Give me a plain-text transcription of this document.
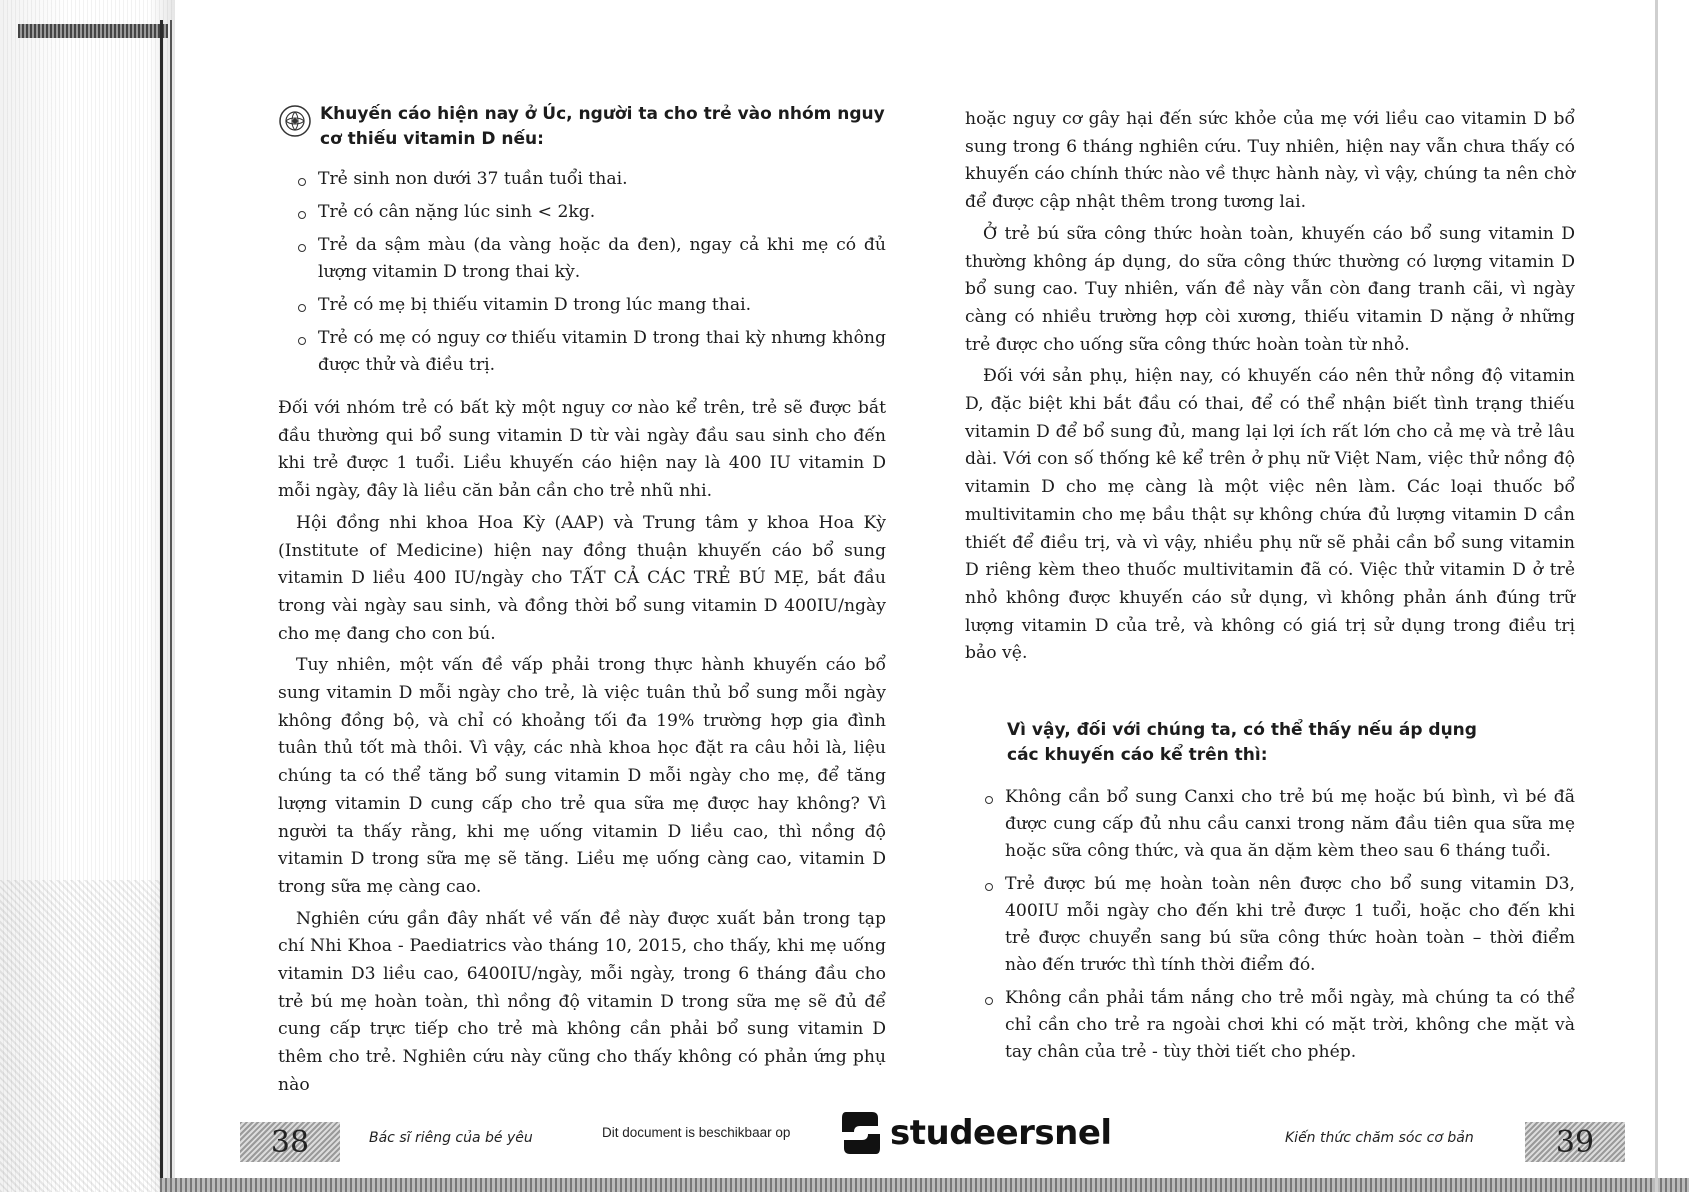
Khuyến cáo hiện nay ở Úc, người ta cho trẻ vào nhóm nguy cơ thiếu vitamin D nếu:

Trẻ sinh non dưới 37 tuần tuổi thai.
Trẻ có cân nặng lúc sinh < 2kg.
Trẻ da sậm màu (da vàng hoặc da đen), ngay cả khi mẹ có đủ lượng vitamin D trong thai kỳ.
Trẻ có mẹ bị thiếu vitamin D trong lúc mang thai.
Trẻ có mẹ có nguy cơ thiếu vitamin D trong thai kỳ nhưng không được thử và điều trị.

Đối với nhóm trẻ có bất kỳ một nguy cơ nào kể trên, trẻ sẽ được bắt đầu thường qui bổ sung vitamin D từ vài ngày đầu sau sinh cho đến khi trẻ được 1 tuổi. Liều khuyến cáo hiện nay là 400 IU vitamin D mỗi ngày, đây là liều căn bản cần cho trẻ nhũ nhi.

Hội đồng nhi khoa Hoa Kỳ (AAP) và Trung tâm y khoa Hoa Kỳ (Institute of Medicine) hiện nay đồng thuận khuyến cáo bổ sung vitamin D liều 400 IU/ngày cho TẤT CẢ CÁC TRẺ BÚ MẸ, bắt đầu trong vài ngày sau sinh, và đồng thời bổ sung vitamin D 400IU/ngày cho mẹ đang cho con bú.

Tuy nhiên, một vấn đề vấp phải trong thực hành khuyến cáo bổ sung vitamin D mỗi ngày cho trẻ, là việc tuân thủ bổ sung mỗi ngày không đồng bộ, và chỉ có khoảng tối đa 19% trường hợp gia đình tuân thủ tốt mà thôi. Vì vậy, các nhà khoa học đặt ra câu hỏi là, liệu chúng ta có thể tăng bổ sung vitamin D mỗi ngày cho mẹ, để tăng lượng vitamin D cung cấp cho trẻ qua sữa mẹ được hay không? Vì người ta thấy rằng, khi mẹ uống vitamin D liều cao, thì nồng độ vitamin D trong sữa mẹ sẽ tăng. Liều mẹ uống càng cao, vitamin D trong sữa mẹ càng cao.

Nghiên cứu gần đây nhất về vấn đề này được xuất bản trong tạp chí Nhi Khoa - Paediatrics vào tháng 10, 2015, cho thấy, khi mẹ uống vitamin D3 liều cao, 6400IU/ngày, mỗi ngày, trong 6 tháng đầu cho trẻ bú mẹ hoàn toàn, thì nồng độ vitamin D trong sữa mẹ sẽ đủ để cung cấp trực tiếp cho trẻ mà không cần phải bổ sung vitamin D thêm cho trẻ. Nghiên cứu này cũng cho thấy không có phản ứng phụ nào

hoặc nguy cơ gây hại đến sức khỏe của mẹ với liều cao vitamin D bổ sung trong 6 tháng nghiên cứu. Tuy nhiên, hiện nay vẫn chưa thấy có khuyến cáo chính thức nào về thực hành này, vì vậy, chúng ta nên chờ để được cập nhật thêm trong tương lai.

Ở trẻ bú sữa công thức hoàn toàn, khuyến cáo bổ sung vitamin D thường không áp dụng, do sữa công thức thường có lượng vitamin D bổ sung cao. Tuy nhiên, vấn đề này vẫn còn đang tranh cãi, vì ngày càng có nhiều trường hợp còi xương, thiếu vitamin D nặng ở những trẻ được cho uống sữa công thức hoàn toàn từ nhỏ.

Đối với sản phụ, hiện nay, có khuyến cáo nên thử nồng độ vitamin D, đặc biệt khi bắt đầu có thai, để có thể nhận biết tình trạng thiếu vitamin D để bổ sung đủ, mang lại lợi ích rất lớn cho cả mẹ và trẻ lâu dài. Với con số thống kê kể trên ở phụ nữ Việt Nam, việc thử nồng độ vitamin D cho mẹ càng là một việc nên làm. Các loại thuốc bổ multivitamin cho mẹ bầu thật sự không chứa đủ lượng vitamin D cần thiết để điều trị, và vì vậy, nhiều phụ nữ sẽ phải cần bổ sung vitamin D riêng kèm theo thuốc multivitamin đã có. Việc thử vitamin D ở trẻ nhỏ không được khuyến cáo sử dụng, vì không phản ánh đúng trữ lượng vitamin D của trẻ, và không có giá trị sử dụng trong điều trị bảo vệ.

Vì vậy, đối với chúng ta, có thể thấy nếu áp dụng các khuyến cáo kể trên thì:

Không cần bổ sung Canxi cho trẻ bú mẹ hoặc bú bình, vì bé đã được cung cấp đủ nhu cầu canxi trong năm đầu tiên qua sữa mẹ hoặc sữa công thức, và qua ăn dặm kèm theo sau 6 tháng tuổi.
Trẻ được bú mẹ hoàn toàn nên được cho bổ sung vitamin D3, 400IU mỗi ngày cho đến khi trẻ được 1 tuổi, hoặc cho đến khi trẻ được chuyển sang bú sữa công thức hoàn toàn – thời điểm nào đến trước thì tính thời điểm đó.
Không cần phải tắm nắng cho trẻ mỗi ngày, mà chúng ta có thể chỉ cần cho trẻ ra ngoài chơi khi có mặt trời, không che mặt và tay chân của trẻ - tùy thời tiết cho phép.
38	Bác sĩ riêng của bé yêu	Dit document is beschikbaar op	studeersnel	Kiến thức chăm sóc cơ bản	39
